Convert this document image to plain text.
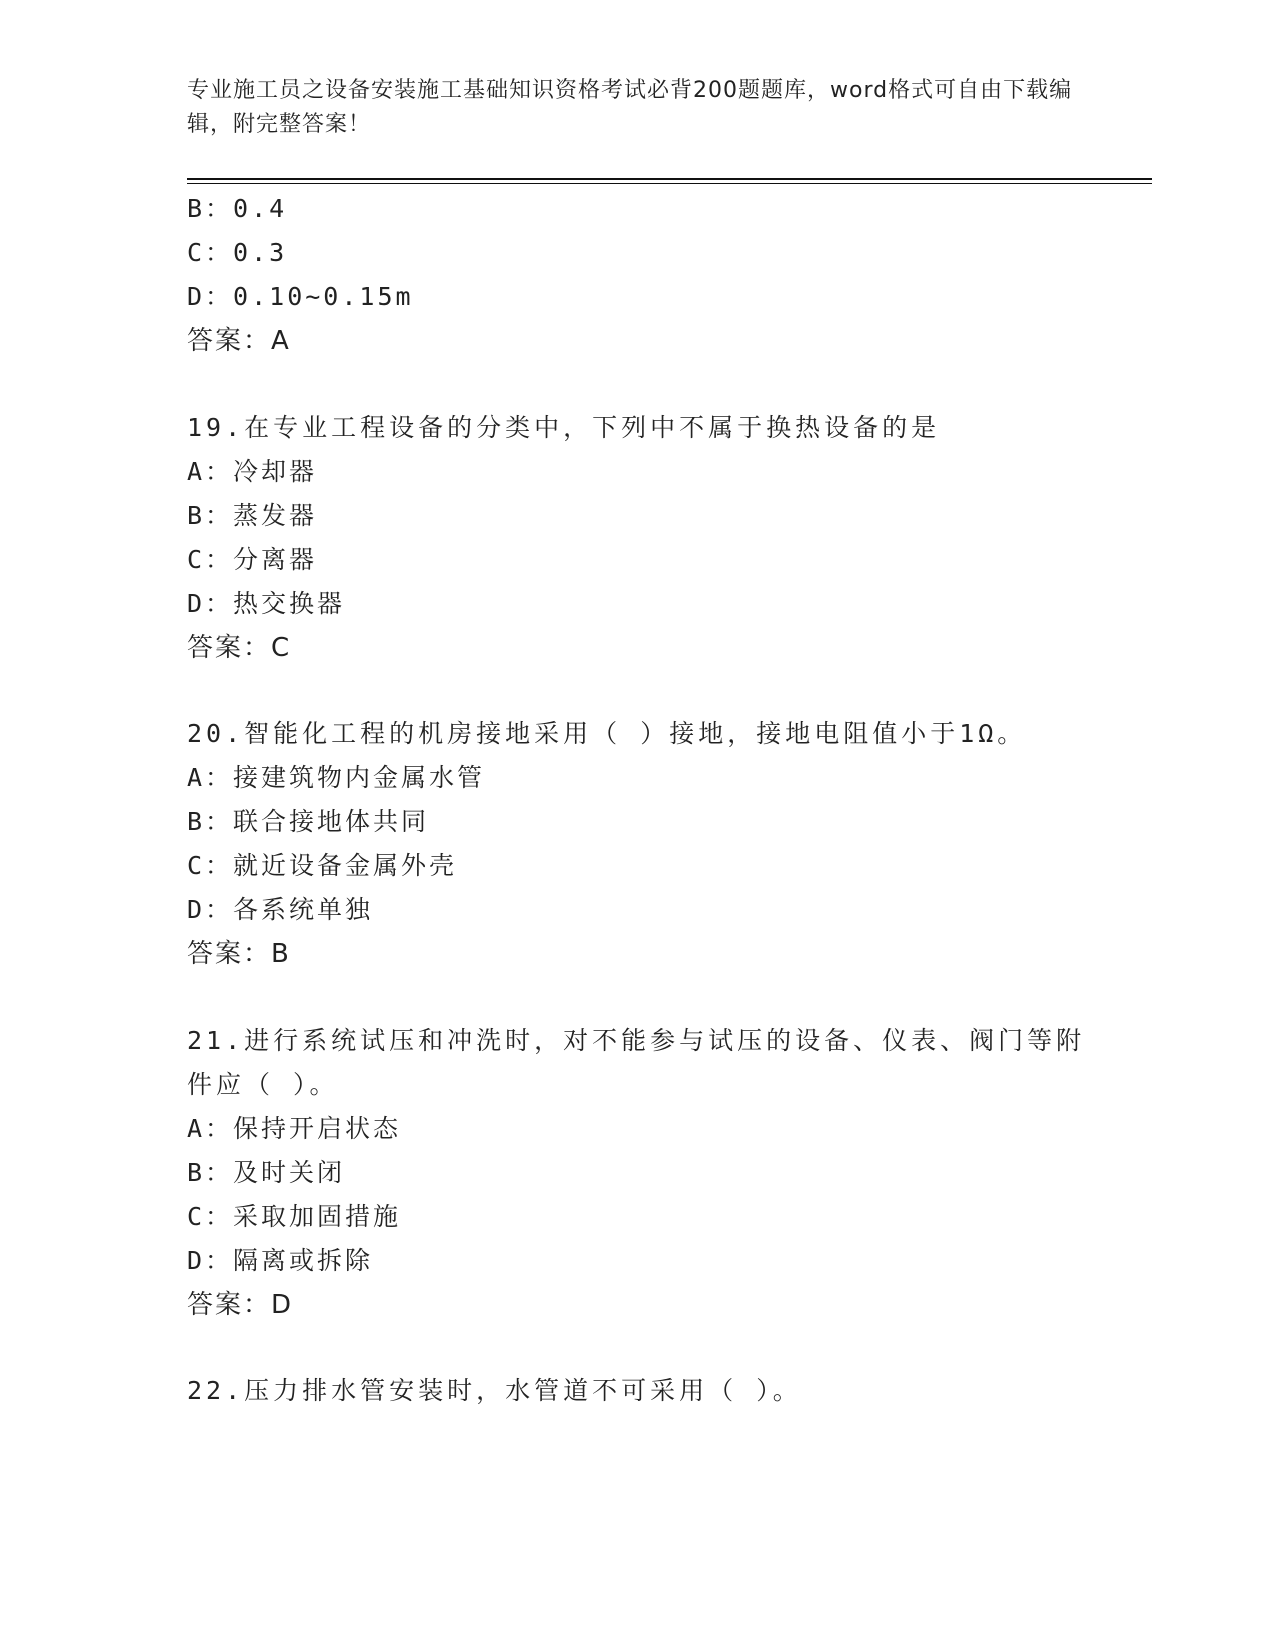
专业施工员之设备安装施工基础知识资格考试必背200题题库，word格式可自由下载编辑，附完整答案！
B：0.4
C：0.3
D：0.10~0.15m
答案：A
19.在专业工程设备的分类中，下列中不属于换热设备的是
A：冷却器
B：蒸发器
C：分离器
D：热交换器
答案：C
20.智能化工程的机房接地采用（ ）接地，接地电阻值小于1Ω。
A：接建筑物内金属水管
B：联合接地体共同
C：就近设备金属外壳
D：各系统单独
答案：B
21.进行系统试压和冲洗时，对不能参与试压的设备、仪表、阀门等附
件应（ ）。
A：保持开启状态
B：及时关闭
C：采取加固措施
D：隔离或拆除
答案：D
22.压力排水管安装时，水管道不可采用（ ）。
